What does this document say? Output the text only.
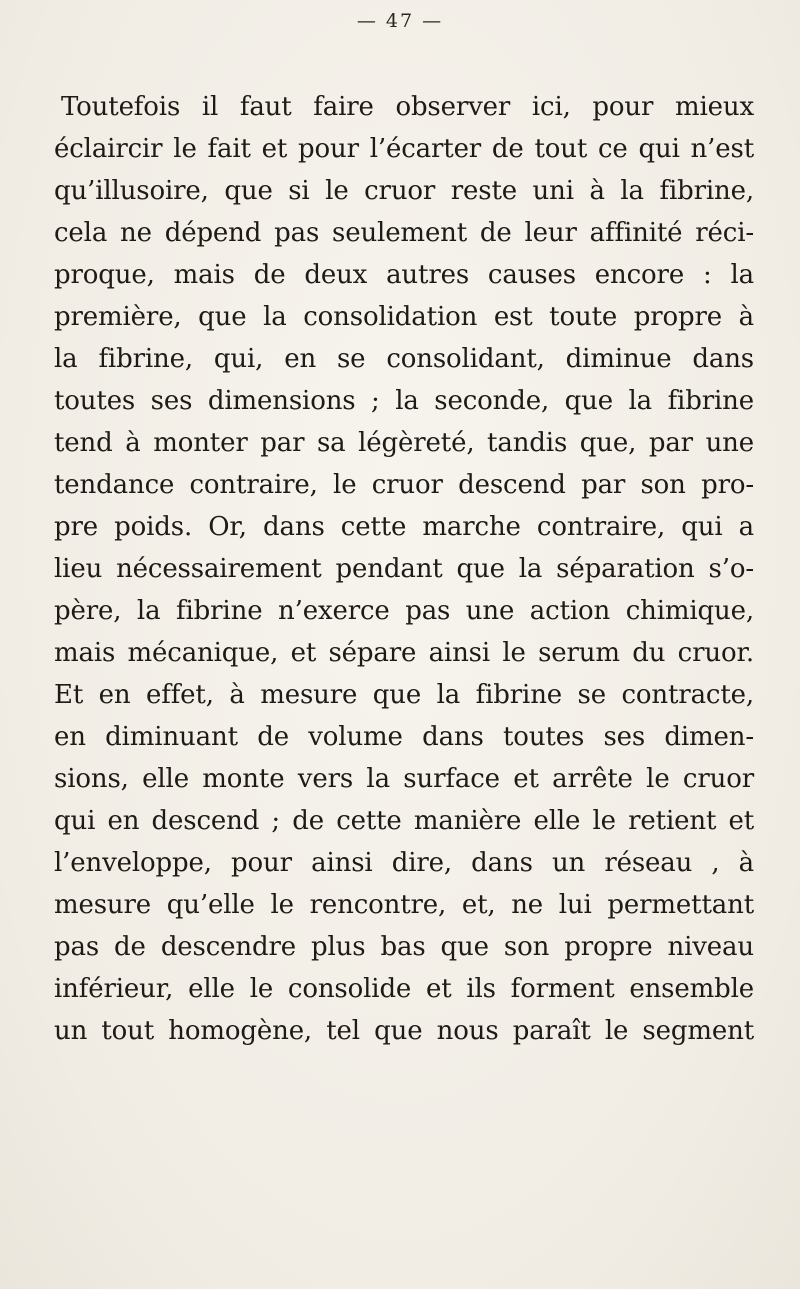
— 47 —
Toutefois il faut faire observer ici, pour mieux
éclaircir le fait et pour l’écarter de tout ce qui n’est
qu’illusoire, que si le cruor reste uni à la fibrine,
cela ne dépend pas seulement de leur affinité réci-
proque, mais de deux autres causes encore : la
première, que la consolidation est toute propre à
la fibrine, qui, en se consolidant, diminue dans
toutes ses dimensions ; la seconde, que la fibrine
tend à monter par sa légèreté, tandis que, par une
tendance contraire, le cruor descend par son pro-
pre poids. Or, dans cette marche contraire, qui a
lieu nécessairement pendant que la séparation s’o-
père, la fibrine n’exerce pas une action chimique,
mais mécanique, et sépare ainsi le serum du cruor.
Et en effet, à mesure que la fibrine se contracte,
en diminuant de volume dans toutes ses dimen-
sions, elle monte vers la surface et arrête le cruor
qui en descend ; de cette manière elle le retient et
l’enveloppe, pour ainsi dire, dans un réseau , à
mesure qu’elle le rencontre, et, ne lui permettant
pas de descendre plus bas que son propre niveau
inférieur, elle le consolide et ils forment ensemble
un tout homogène, tel que nous paraît le segment
